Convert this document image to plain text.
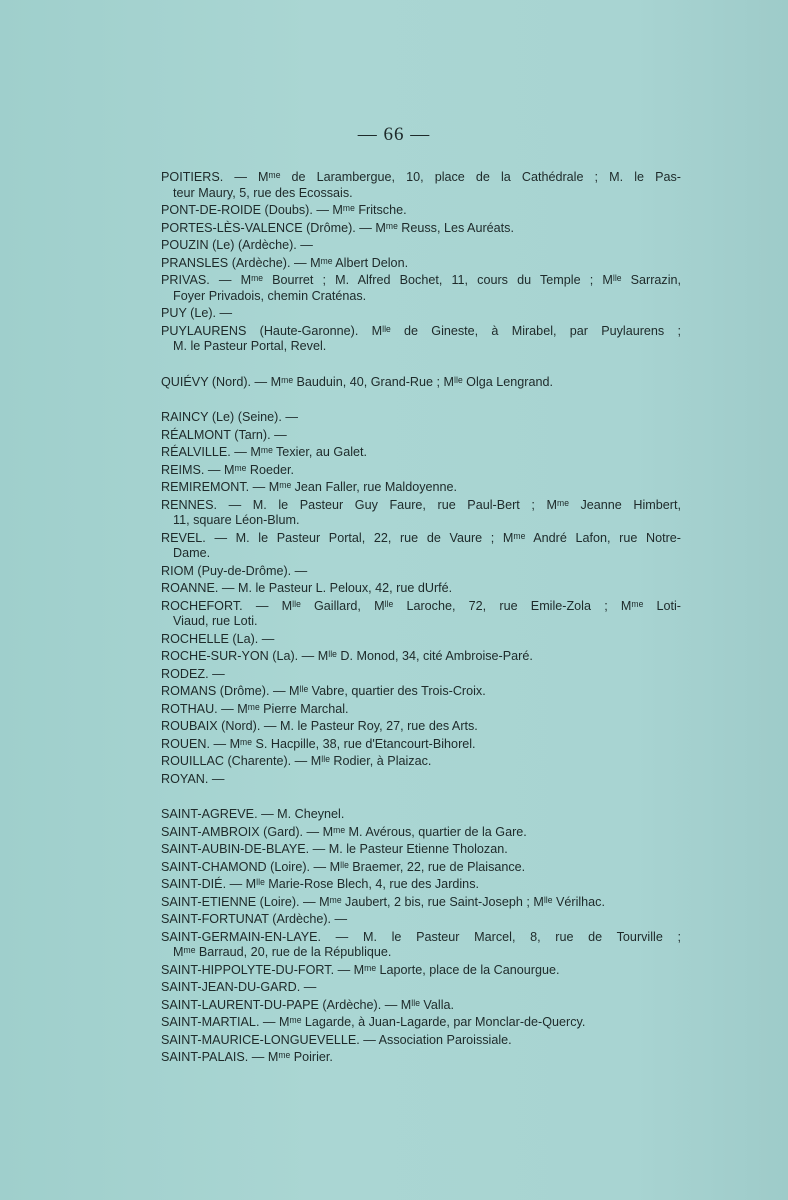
— 66 —
POITIERS. — Mᵐᵉ de Larambergue, 10, place de la Cathédrale ; M. le Pas-
teur Maury, 5, rue des Ecossais.
PONT-DE-ROIDE (Doubs). — Mᵐᵉ Fritsche.
PORTES-LÈS-VALENCE (Drôme). — Mᵐᵉ Reuss, Les Auréats.
POUZIN (Le) (Ardèche). —
PRANSLES (Ardèche). — Mᵐᵉ Albert Delon.
PRIVAS. — Mᵐᵉ Bourret ; M. Alfred Bochet, 11, cours du Temple ; Mˡˡᵉ Sarrazin,
Foyer Privadois, chemin Craténas.
PUY (Le). —
PUYLAURENS (Haute-Garonne). Mˡˡᵉ de Gineste, à Mirabel, par Puylaurens ;
M. le Pasteur Portal, Revel.
QUIÉVY (Nord). — Mᵐᵉ Bauduin, 40, Grand-Rue ; Mˡˡᵉ Olga Lengrand.
RAINCY (Le) (Seine). —
RÉALMONT (Tarn). —
RÉALVILLE. — Mᵐᵉ Texier, au Galet.
REIMS. — Mᵐᵉ Roeder.
REMIREMONT. — Mᵐᵉ Jean Faller, rue Maldoyenne.
RENNES. — M. le Pasteur Guy Faure, rue Paul-Bert ; Mᵐᵉ Jeanne Himbert,
11, square Léon-Blum.
REVEL. — M. le Pasteur Portal, 22, rue de Vaure ; Mᵐᵉ André Lafon, rue Notre-
Dame.
RIOM (Puy-de-Drôme). —
ROANNE. — M. le Pasteur L. Peloux, 42, rue dUrfé.
ROCHEFORT. — Mˡˡᵉ Gaillard, Mˡˡᵉ Laroche, 72, rue Emile-Zola ; Mᵐᵉ Loti-
Viaud, rue Loti.
ROCHELLE (La). —
ROCHE-SUR-YON (La). — Mˡˡᵉ D. Monod, 34, cité Ambroise-Paré.
RODEZ. —
ROMANS (Drôme). — Mˡˡᵉ Vabre, quartier des Trois-Croix.
ROTHAU. — Mᵐᵉ Pierre Marchal.
ROUBAIX (Nord). — M. le Pasteur Roy, 27, rue des Arts.
ROUEN. — Mᵐᵉ S. Hacpille, 38, rue d'Etancourt-Bihorel.
ROUILLAC (Charente). — Mˡˡᵉ Rodier, à Plaizac.
ROYAN. —
SAINT-AGREVE. — M. Cheynel.
SAINT-AMBROIX (Gard). — Mᵐᵉ M. Avérous, quartier de la Gare.
SAINT-AUBIN-DE-BLAYE. — M. le Pasteur Etienne Tholozan.
SAINT-CHAMOND (Loire). — Mˡˡᵉ Braemer, 22, rue de Plaisance.
SAINT-DIÉ. — Mˡˡᵉ Marie-Rose Blech, 4, rue des Jardins.
SAINT-ETIENNE (Loire). — Mᵐᵉ Jaubert, 2 bis, rue Saint-Joseph ; Mˡˡᵉ Vérilhac.
SAINT-FORTUNAT (Ardèche). —
SAINT-GERMAIN-EN-LAYE. — M. le Pasteur Marcel, 8, rue de Tourville ;
Mᵐᵉ Barraud, 20, rue de la République.
SAINT-HIPPOLYTE-DU-FORT. — Mᵐᵉ Laporte, place de la Canourgue.
SAINT-JEAN-DU-GARD. —
SAINT-LAURENT-DU-PAPE (Ardèche). — Mˡˡᵉ Valla.
SAINT-MARTIAL. — Mᵐᵉ Lagarde, à Juan-Lagarde, par Monclar-de-Quercy.
SAINT-MAURICE-LONGUEVELLE. — Association Paroissiale.
SAINT-PALAIS. — Mᵐᵉ Poirier.
